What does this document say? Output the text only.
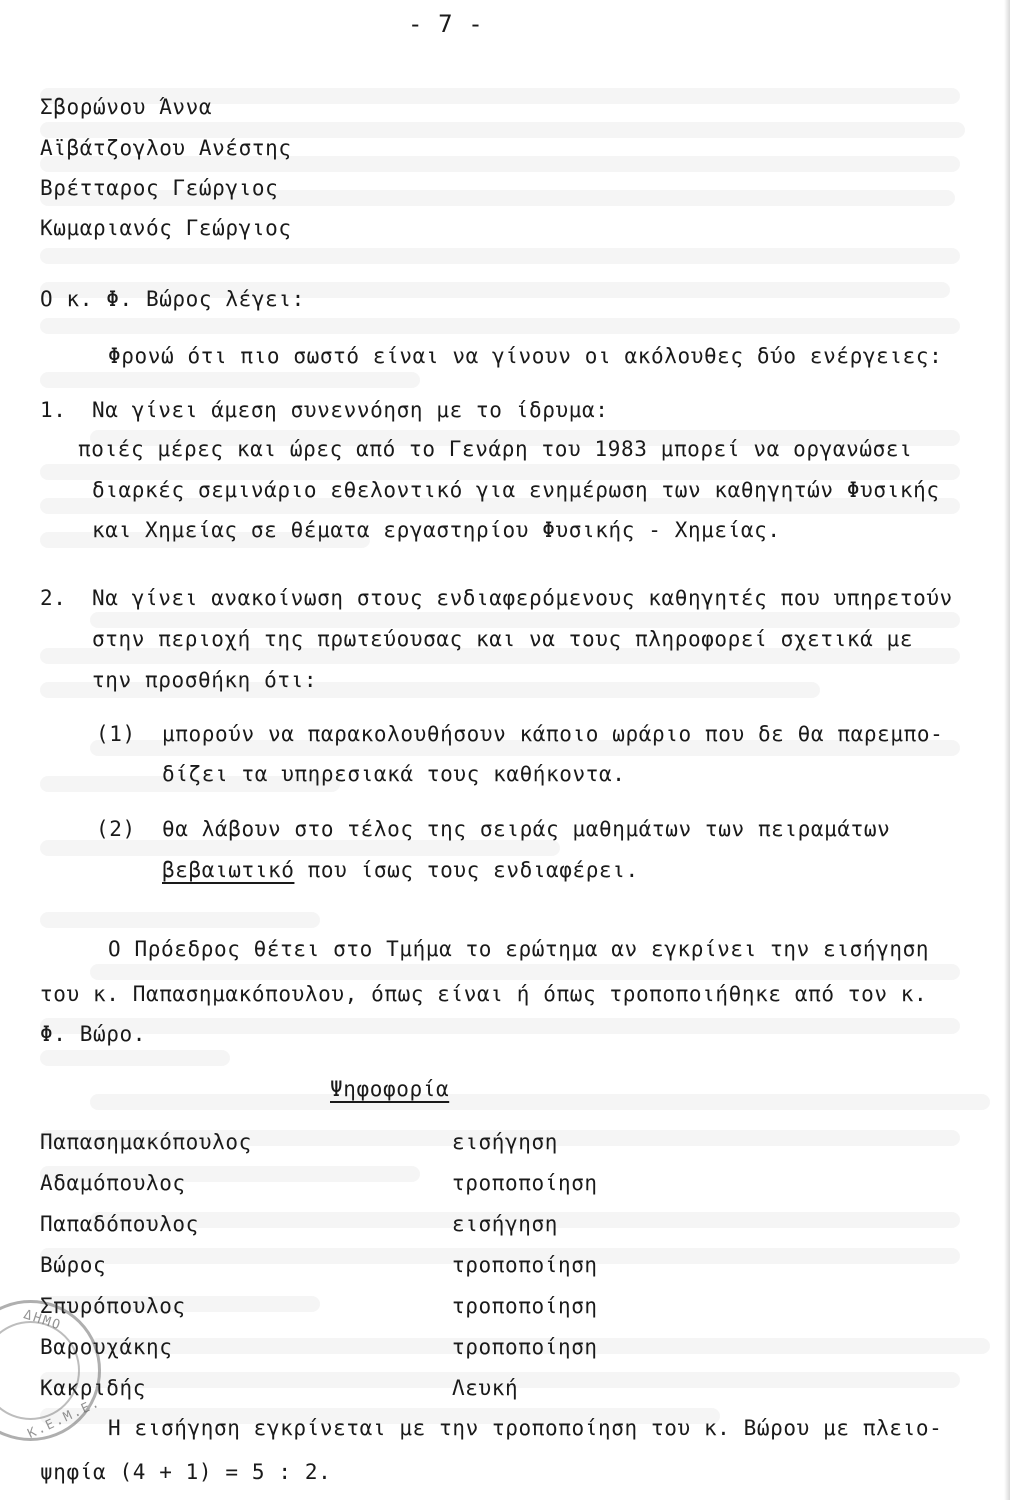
- 7 -
Σβορώνου Άννα
Αϊβάτζογλου Ανέστης
Βρέτταρος Γεώργιος
Κωμαριανός Γεώργιος
Ο κ. Φ. Βώρος λέγει:
Φρονώ ότι πιο σωστό είναι να γίνουν οι ακόλουθες δύο ενέργειες:
1. Να γίνει άμεση συνεννόηση με το ίδρυμα:
ποιές μέρες και ώρες από το Γενάρη του 1983 μπορεί να οργανώσει
διαρκές σεμινάριο εθελοντικό για ενημέρωση των καθηγητών Φυσικής
και Χημείας σε θέματα εργαστηρίου Φυσικής - Χημείας.
2. Να γίνει ανακοίνωση στους ενδιαφερόμενους καθηγητές που υπηρετούν
στην περιοχή της πρωτεύουσας και να τους πληροφορεί σχετικά με
την προσθήκη ότι:
(1) μπορούν να παρακολουθήσουν κάποιο ωράριο που δε θα παρεμπο-
δίζει τα υπηρεσιακά τους καθήκοντα.
(2) θα λάβουν στο τέλος της σειράς μαθημάτων των πειραμάτων
βεβαιωτικό που ίσως τους ενδιαφέρει.
Ο Πρόεδρος θέτει στο Τμήμα το ερώτημα αν εγκρίνει την εισήγηση
του κ. Παπασημακόπουλου, όπως είναι ή όπως τροποποιήθηκε από τον κ.
Φ. Βώρο.
Ψηφοφορία
Παπασημακόπουλος	εισήγηση
Αδαμόπουλος	τροποποίηση
Παπαδόπουλος	εισήγηση
Βώρος	τροποποίηση
Σπυρόπουλος	τροποποίηση
Βαρουχάκης	τροποποίηση
Κακριδής	Λευκή
ΔΗΜΟ
Κ.Ε.Μ.Ε. Η εισήγηση εγκρίνεται με την τροποποίηση του κ. Βώρου με πλειο-
ψηφία (4 + 1) = 5 : 2.
